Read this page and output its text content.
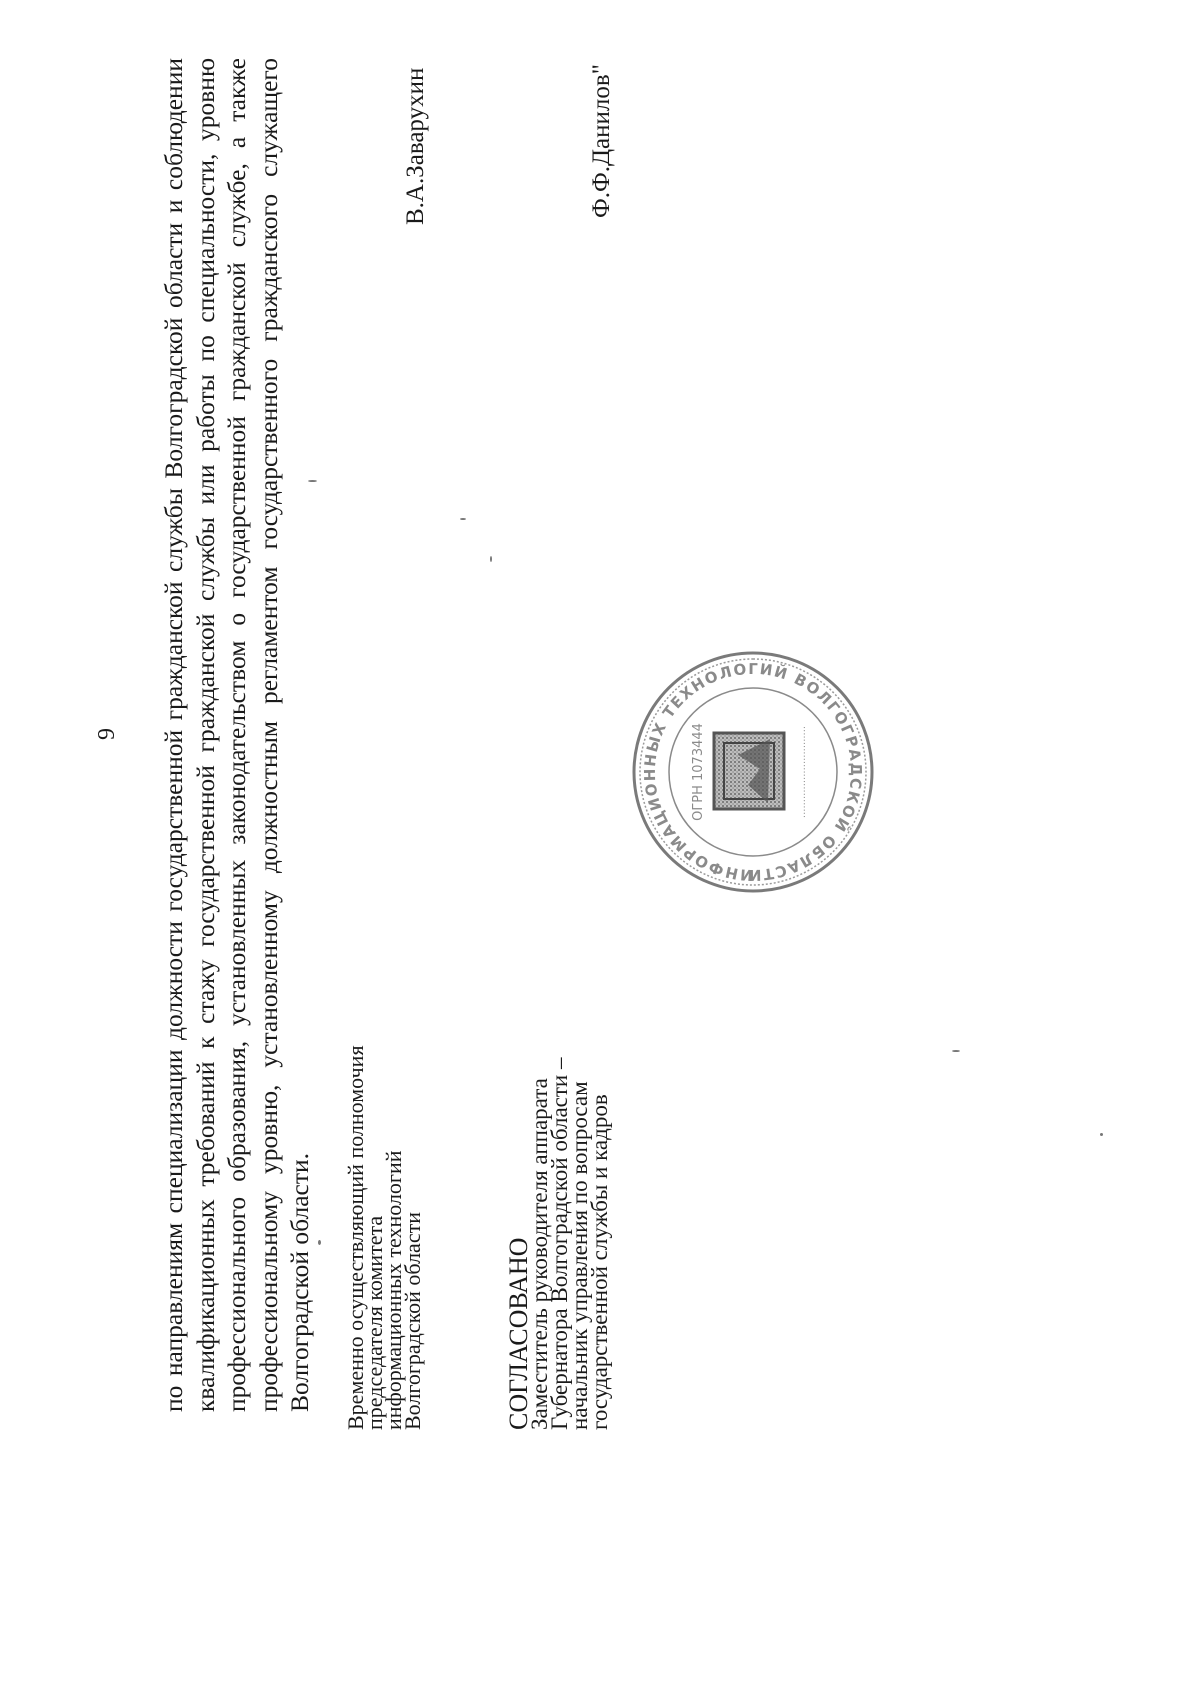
9 по направлениям специализации должности государственной гражданской службы Волгоградской области и соблюдении квалификационных требований к стажу государственной гражданской службы или работы по специальности, уровню профессионального образования, установленных законодательством о государственной гражданской службе, а также профессиональному уровню, установленному должностным регламентом государственного гражданского служащего Волгоградской области. Временно осуществляющий полномочия
председателя комитета
информационных технологий
Волгоградской области
В.А.Заварухин
СОГЛАСОВАНО
Заместитель руководителя аппарата
Губернатора Волгоградской области –
начальник управления по вопросам
государственной службы и кадров
Ф.Ф.Данилов"
ИНФОРМАЦИОННЫХ ТЕХНОЛОГИЙ ВОЛГОГРАДСКОЙ ОБЛАСТИ
ОГРН 1073444	·····························
